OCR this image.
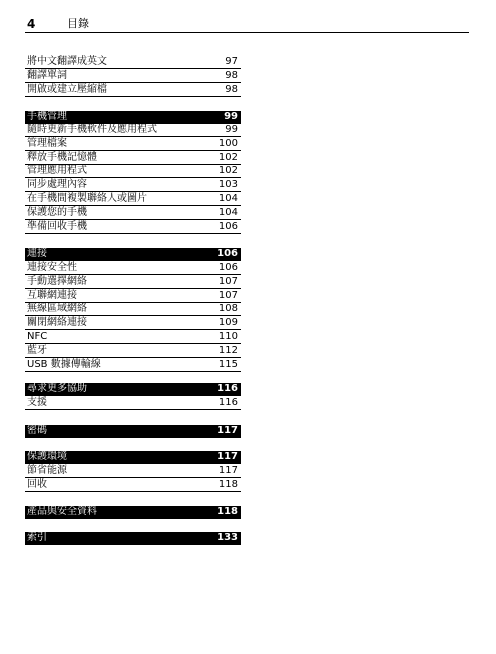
4	目錄
將中文翻譯成英文	97
翻譯單詞	98
開啟或建立壓縮檔	98
手機管理	99
隨時更新手機軟件及應用程式	99
管理檔案	100
釋放手機記憶體	102
管理應用程式	102
同步處理內容	103
在手機間複製聯絡人或圖片	104
保護您的手機	104
準備回收手機	106
連接	106
連接安全性	106
手動選擇網絡	107
互聯網連接	107
無線區域網絡	108
關閉網絡連接	109
NFC	110
藍牙	112
USB 數據傳輸線	115
尋求更多協助	116
支援	116
密碼	117
保護環境	117
節省能源	117
回收	118
產品與安全資料	118
索引	133
